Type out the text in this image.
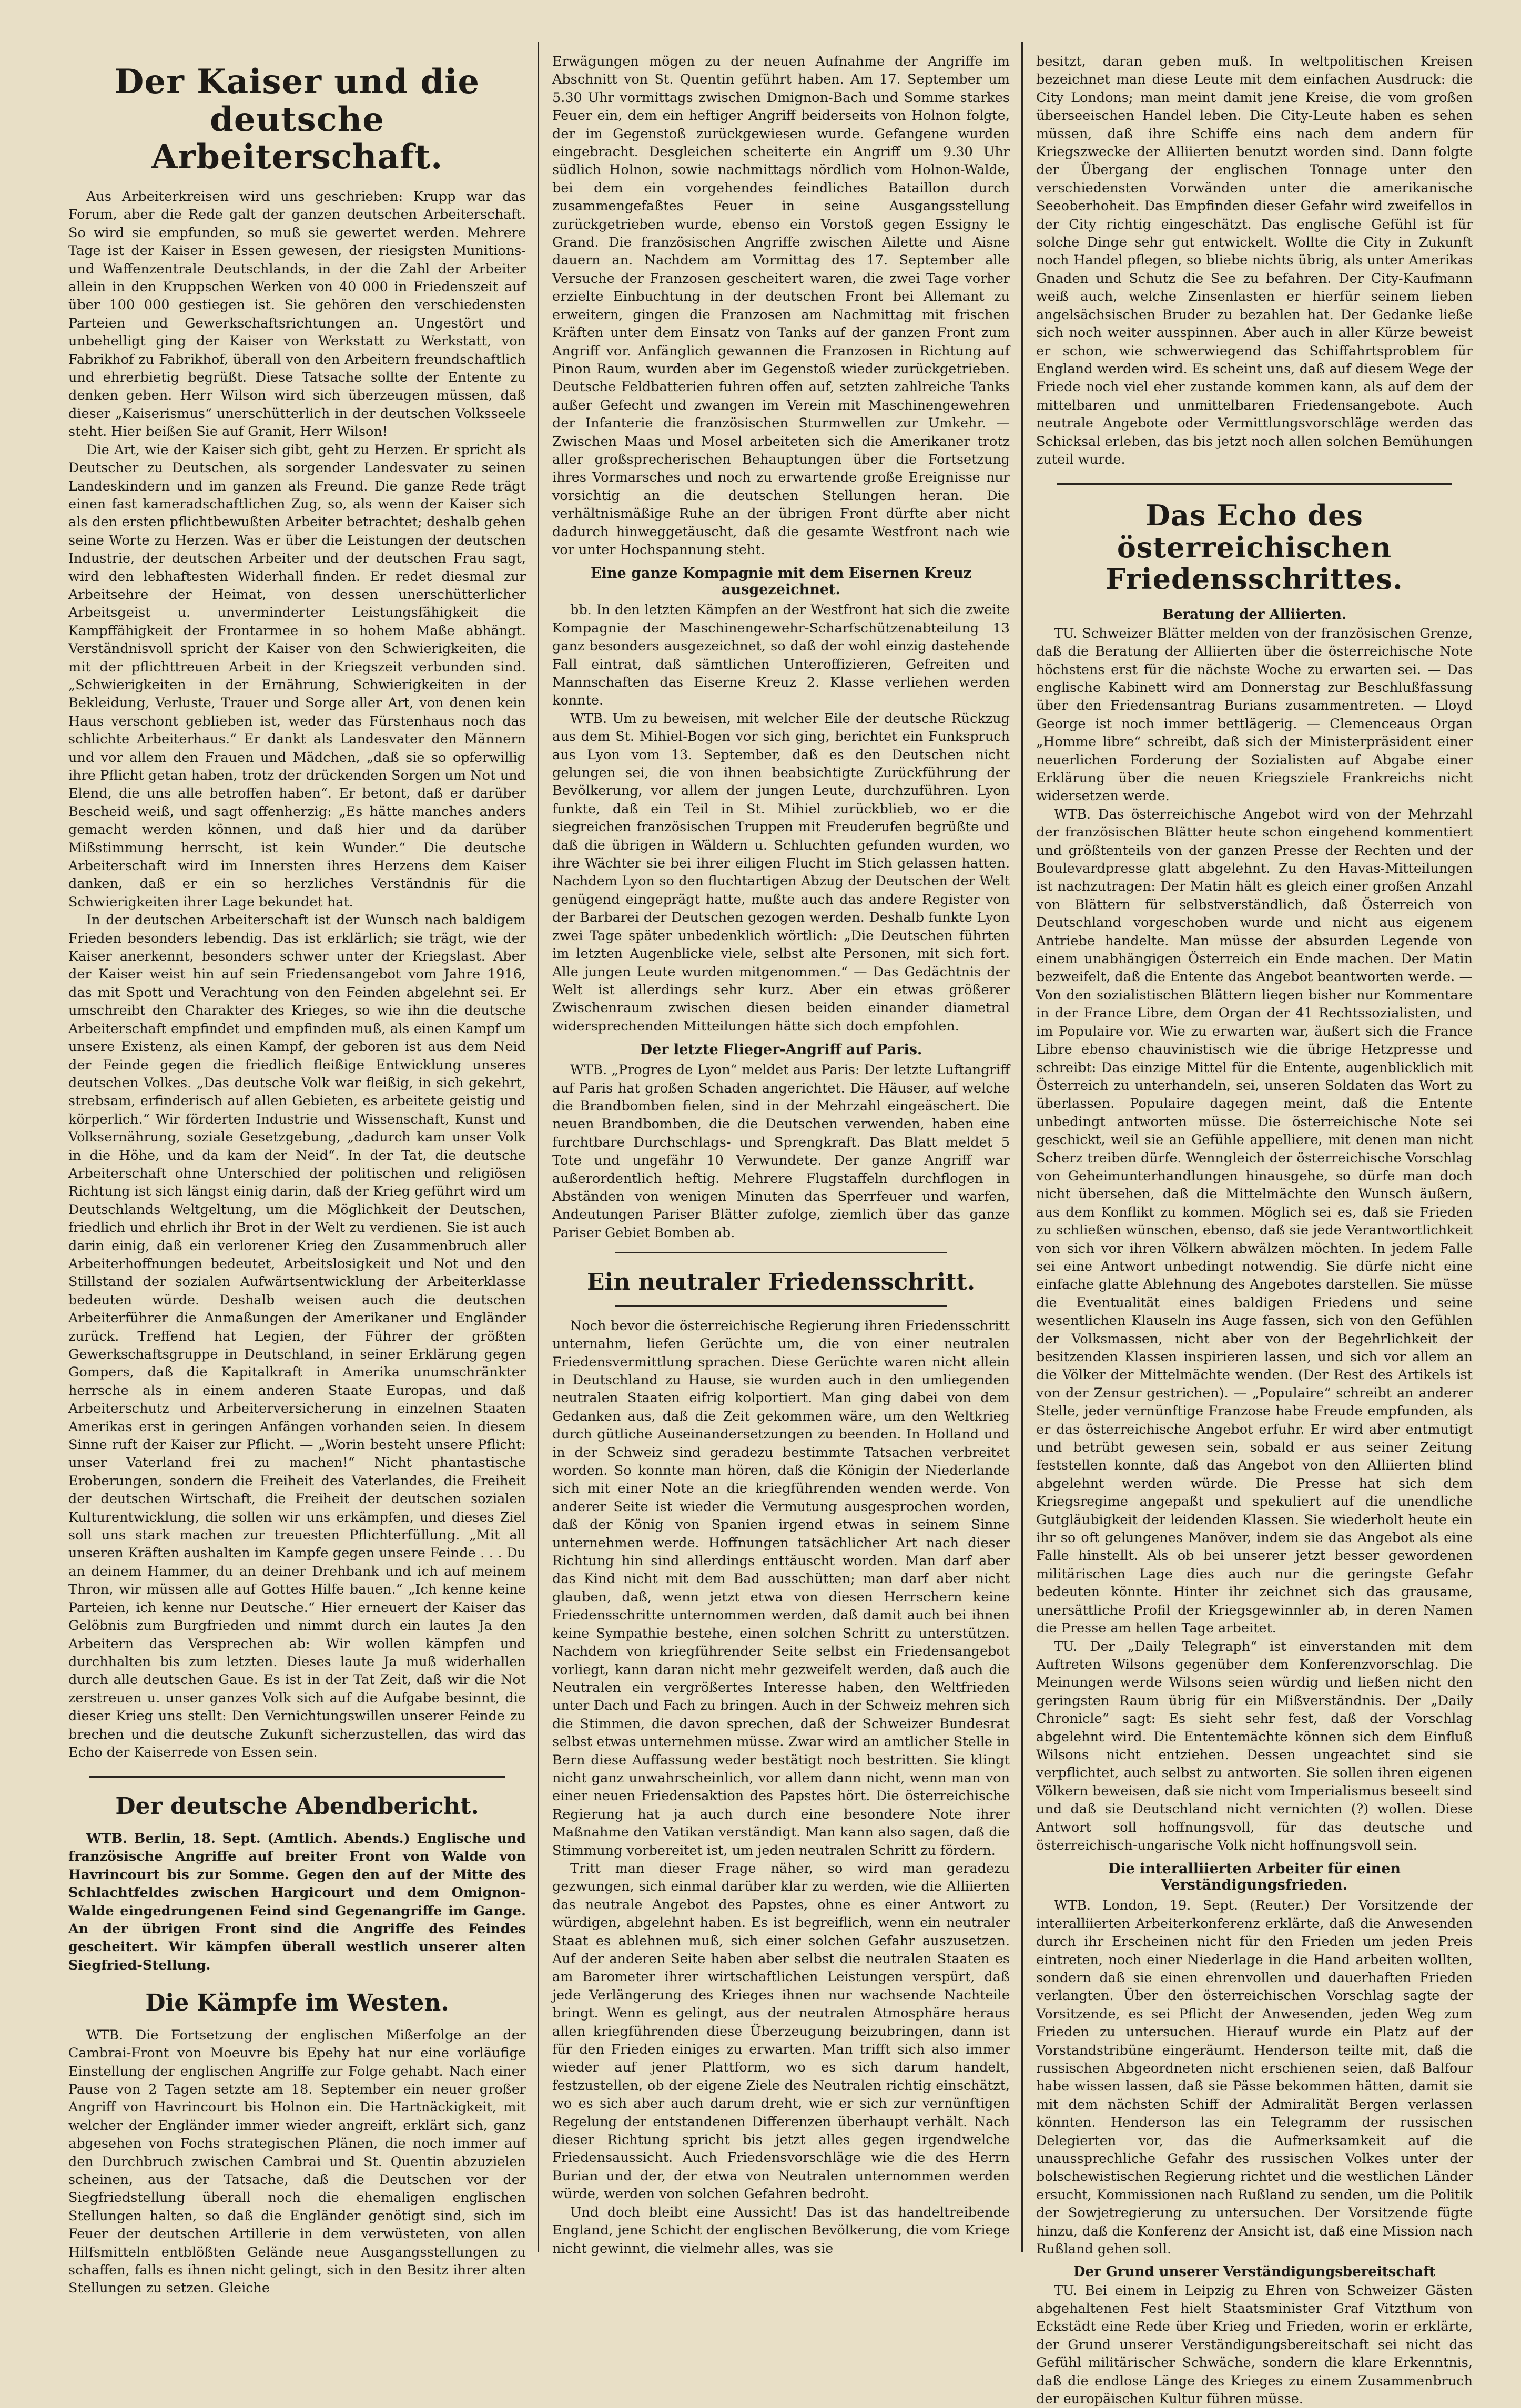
Der Kaiser und die deutsche Arbeiterschaft.

Aus Arbeiterkreisen wird uns geschrieben: Krupp war das Forum, aber die Rede galt der ganzen deutschen Arbeiterschaft. So wird sie empfunden, so muß sie gewertet werden. Mehrere Tage ist der Kaiser in Essen gewesen, der riesigsten Munitions- und Waffenzentrale Deutschlands, in der die Zahl der Arbeiter allein in den Kruppschen Werken von 40 000 in Friedenszeit auf über 100 000 gestiegen ist. Sie gehören den verschiedensten Parteien und Gewerkschaftsrichtungen an. Ungestört und unbehelligt ging der Kaiser von Werkstatt zu Werkstatt, von Fabrikhof zu Fabrikhof, überall von den Arbeitern freundschaftlich und ehrerbietig begrüßt. Diese Tatsache sollte der Entente zu denken geben. Herr Wilson wird sich überzeugen müssen, daß dieser „Kaiserismus“ unerschütterlich in der deutschen Volksseele steht. Hier beißen Sie auf Granit, Herr Wilson!

Die Art, wie der Kaiser sich gibt, geht zu Herzen. Er spricht als Deutscher zu Deutschen, als sorgender Landesvater zu seinen Landeskindern und im ganzen als Freund. Die ganze Rede trägt einen fast kameradschaftlichen Zug, so, als wenn der Kaiser sich als den ersten pflichtbewußten Arbeiter betrachtet; deshalb gehen seine Worte zu Herzen. Was er über die Leistungen der deutschen Industrie, der deutschen Arbeiter und der deutschen Frau sagt, wird den lebhaftesten Widerhall finden. Er redet diesmal zur Arbeitsehre der Heimat, von dessen unerschütterlicher Arbeitsgeist u. unverminderter Leistungsfähigkeit die Kampffähigkeit der Frontarmee in so hohem Maße abhängt. Verständnisvoll spricht der Kaiser von den Schwierigkeiten, die mit der pflichttreuen Arbeit in der Kriegszeit verbunden sind. „Schwierigkeiten in der Ernährung, Schwierigkeiten in der Bekleidung, Verluste, Trauer und Sorge aller Art, von denen kein Haus verschont geblieben ist, weder das Fürstenhaus noch das schlichte Arbeiterhaus.“ Er dankt als Landesvater den Männern und vor allem den Frauen und Mädchen, „daß sie so opferwillig ihre Pflicht getan haben, trotz der drückenden Sorgen um Not und Elend, die uns alle betroffen haben“. Er betont, daß er darüber Bescheid weiß, und sagt offenherzig: „Es hätte manches anders gemacht werden können, und daß hier und da darüber Mißstimmung herrscht, ist kein Wunder.“ Die deutsche Arbeiterschaft wird im Innersten ihres Herzens dem Kaiser danken, daß er ein so herzliches Verständnis für die Schwierigkeiten ihrer Lage bekundet hat.

In der deutschen Arbeiterschaft ist der Wunsch nach baldigem Frieden besonders lebendig. Das ist erklärlich; sie trägt, wie der Kaiser anerkennt, besonders schwer unter der Kriegslast. Aber der Kaiser weist hin auf sein Friedensangebot vom Jahre 1916, das mit Spott und Verachtung von den Feinden abgelehnt sei. Er umschreibt den Charakter des Krieges, so wie ihn die deutsche Arbeiterschaft empfindet und empfinden muß, als einen Kampf um unsere Existenz, als einen Kampf, der geboren ist aus dem Neid der Feinde gegen die friedlich fleißige Entwicklung unseres deutschen Volkes. „Das deutsche Volk war fleißig, in sich gekehrt, strebsam, erfinderisch auf allen Gebieten, es arbeitete geistig und körperlich.“ Wir förderten Industrie und Wissenschaft, Kunst und Volksernährung, soziale Gesetzgebung, „dadurch kam unser Volk in die Höhe, und da kam der Neid“. In der Tat, die deutsche Arbeiterschaft ohne Unterschied der politischen und religiösen Richtung ist sich längst einig darin, daß der Krieg geführt wird um Deutschlands Weltgeltung, um die Möglichkeit der Deutschen, friedlich und ehrlich ihr Brot in der Welt zu verdienen. Sie ist auch darin einig, daß ein verlorener Krieg den Zusammenbruch aller Arbeiterhoffnungen bedeutet, Arbeitslosigkeit und Not und den Stillstand der sozialen Aufwärtsentwicklung der Arbeiterklasse bedeuten würde. Deshalb weisen auch die deutschen Arbeiterführer die Anmaßungen der Amerikaner und Engländer zurück. Treffend hat Legien, der Führer der größten Gewerkschaftsgruppe in Deutschland, in seiner Erklärung gegen Gompers, daß die Kapitalkraft in Amerika unumschränkter herrsche als in einem anderen Staate Europas, und daß Arbeiterschutz und Arbeiterversicherung in einzelnen Staaten Amerikas erst in geringen Anfängen vorhanden seien. In diesem Sinne ruft der Kaiser zur Pflicht. — „Worin besteht unsere Pflicht: unser Vaterland frei zu machen!“ Nicht phantastische Eroberungen, sondern die Freiheit des Vaterlandes, die Freiheit der deutschen Wirtschaft, die Freiheit der deutschen sozialen Kulturentwicklung, die sollen wir uns erkämpfen, und dieses Ziel soll uns stark machen zur treuesten Pflichterfüllung. „Mit all unseren Kräften aushalten im Kampfe gegen unsere Feinde . . . Du an deinem Hammer, du an deiner Drehbank und ich auf meinem Thron, wir müssen alle auf Gottes Hilfe bauen.“ „Ich kenne keine Parteien, ich kenne nur Deutsche.“ Hier erneuert der Kaiser das Gelöbnis zum Burgfrieden und nimmt durch ein lautes Ja den Arbeitern das Versprechen ab: Wir wollen kämpfen und durchhalten bis zum letzten. Dieses laute Ja muß widerhallen durch alle deutschen Gaue. Es ist in der Tat Zeit, daß wir die Not zerstreuen u. unser ganzes Volk sich auf die Aufgabe besinnt, die dieser Krieg uns stellt: Den Vernichtungswillen unserer Feinde zu brechen und die deutsche Zukunft sicherzustellen, das wird das Echo der Kaiserrede von Essen sein.

Der deutsche Abendbericht.

WTB. Berlin, 18. Sept. (Amtlich. Abends.) Englische und französische Angriffe auf breiter Front von Walde von Havrincourt bis zur Somme. Gegen den auf der Mitte des Schlachtfeldes zwischen Hargicourt und dem Omignon-Walde eingedrungenen Feind sind Gegenangriffe im Gange. An der übrigen Front sind die Angriffe des Feindes gescheitert. Wir kämpfen überall westlich unserer alten Siegfried-Stellung.

Die Kämpfe im Westen.

WTB. Die Fortsetzung der englischen Mißerfolge an der Cambrai-Front von Moeuvre bis Epehy hat nur eine vorläufige Einstellung der englischen Angriffe zur Folge gehabt. Nach einer Pause von 2 Tagen setzte am 18. September ein neuer großer Angriff von Havrincourt bis Holnon ein. Die Hartnäckigkeit, mit welcher der Engländer immer wieder angreift, erklärt sich, ganz abgesehen von Fochs strategischen Plänen, die noch immer auf den Durchbruch zwischen Cambrai und St. Quentin abzuzielen scheinen, aus der Tatsache, daß die Deutschen vor der Siegfriedstellung überall noch die ehemaligen englischen Stellungen halten, so daß die Engländer genötigt sind, sich im Feuer der deutschen Artillerie in dem verwüsteten, von allen Hilfsmitteln entblößten Gelände neue Ausgangsstellungen zu schaffen, falls es ihnen nicht gelingt, sich in den Besitz ihrer alten Stellungen zu setzen. Gleiche

Erwägungen mögen zu der neuen Aufnahme der Angriffe im Abschnitt von St. Quentin geführt haben. Am 17. September um 5.30 Uhr vormittags zwischen Dmignon-Bach und Somme starkes Feuer ein, dem ein heftiger Angriff beiderseits von Holnon folgte, der im Gegenstoß zurückgewiesen wurde. Gefangene wurden eingebracht. Desgleichen scheiterte ein Angriff um 9.30 Uhr südlich Holnon, sowie nachmittags nördlich vom Holnon-Walde, bei dem ein vorgehendes feindliches Bataillon durch zusammengefaßtes Feuer in seine Ausgangsstellung zurückgetrieben wurde, ebenso ein Vorstoß gegen Essigny le Grand. Die französischen Angriffe zwischen Ailette und Aisne dauern an. Nachdem am Vormittag des 17. September alle Versuche der Franzosen gescheitert waren, die zwei Tage vorher erzielte Einbuchtung in der deutschen Front bei Allemant zu erweitern, gingen die Franzosen am Nachmittag mit frischen Kräften unter dem Einsatz von Tanks auf der ganzen Front zum Angriff vor. Anfänglich gewannen die Franzosen in Richtung auf Pinon Raum, wurden aber im Gegenstoß wieder zurückgetrieben. Deutsche Feldbatterien fuhren offen auf, setzten zahlreiche Tanks außer Gefecht und zwangen im Verein mit Maschinengewehren der Infanterie die französischen Sturmwellen zur Umkehr. — Zwischen Maas und Mosel arbeiteten sich die Amerikaner trotz aller großsprecherischen Behauptungen über die Fortsetzung ihres Vormarsches und noch zu erwartende große Ereignisse nur vorsichtig an die deutschen Stellungen heran. Die verhältnismäßige Ruhe an der übrigen Front dürfte aber nicht dadurch hinweggetäuscht, daß die gesamte Westfront nach wie vor unter Hochspannung steht.

Eine ganze Kompagnie mit dem Eisernen Kreuz ausgezeichnet.

bb. In den letzten Kämpfen an der Westfront hat sich die zweite Kompagnie der Maschinengewehr-Scharfschützenabteilung 13 ganz besonders ausgezeichnet, so daß der wohl einzig dastehende Fall eintrat, daß sämtlichen Unteroffizieren, Gefreiten und Mannschaften das Eiserne Kreuz 2. Klasse verliehen werden konnte.

WTB. Um zu beweisen, mit welcher Eile der deutsche Rückzug aus dem St. Mihiel-Bogen vor sich ging, berichtet ein Funkspruch aus Lyon vom 13. September, daß es den Deutschen nicht gelungen sei, die von ihnen beabsichtigte Zurückführung der Bevölkerung, vor allem der jungen Leute, durchzuführen. Lyon funkte, daß ein Teil in St. Mihiel zurückblieb, wo er die siegreichen französischen Truppen mit Freuderufen begrüßte und daß die übrigen in Wäldern u. Schluchten gefunden wurden, wo ihre Wächter sie bei ihrer eiligen Flucht im Stich gelassen hatten. Nachdem Lyon so den fluchtartigen Abzug der Deutschen der Welt genügend eingeprägt hatte, mußte auch das andere Register von der Barbarei der Deutschen gezogen werden. Deshalb funkte Lyon zwei Tage später unbedenklich wörtlich: „Die Deutschen führten im letzten Augenblicke viele, selbst alte Personen, mit sich fort. Alle jungen Leute wurden mitgenommen.“ — Das Gedächtnis der Welt ist allerdings sehr kurz. Aber ein etwas größerer Zwischenraum zwischen diesen beiden einander diametral widersprechenden Mitteilungen hätte sich doch empfohlen.

Der letzte Flieger-Angriff auf Paris.

WTB. „Progres de Lyon“ meldet aus Paris: Der letzte Luftangriff auf Paris hat großen Schaden angerichtet. Die Häuser, auf welche die Brandbomben fielen, sind in der Mehrzahl eingeäschert. Die neuen Brandbomben, die die Deutschen verwenden, haben eine furchtbare Durchschlags- und Sprengkraft. Das Blatt meldet 5 Tote und ungefähr 10 Verwundete. Der ganze Angriff war außerordentlich heftig. Mehrere Flugstaffeln durchflogen in Abständen von wenigen Minuten das Sperrfeuer und warfen, Andeutungen Pariser Blätter zufolge, ziemlich über das ganze Pariser Gebiet Bomben ab.

Ein neutraler Friedensschritt.

Noch bevor die österreichische Regierung ihren Friedensschritt unternahm, liefen Gerüchte um, die von einer neutralen Friedensvermittlung sprachen. Diese Gerüchte waren nicht allein in Deutschland zu Hause, sie wurden auch in den umliegenden neutralen Staaten eifrig kolportiert. Man ging dabei von dem Gedanken aus, daß die Zeit gekommen wäre, um den Weltkrieg durch gütliche Auseinandersetzungen zu beenden. In Holland und in der Schweiz sind geradezu bestimmte Tatsachen verbreitet worden. So konnte man hören, daß die Königin der Niederlande sich mit einer Note an die kriegführenden wenden werde. Von anderer Seite ist wieder die Vermutung ausgesprochen worden, daß der König von Spanien irgend etwas in seinem Sinne unternehmen werde. Hoffnungen tatsächlicher Art nach dieser Richtung hin sind allerdings enttäuscht worden. Man darf aber das Kind nicht mit dem Bad ausschütten; man darf aber nicht glauben, daß, wenn jetzt etwa von diesen Herrschern keine Friedensschritte unternommen werden, daß damit auch bei ihnen keine Sympathie bestehe, einen solchen Schritt zu unterstützen. Nachdem von kriegführender Seite selbst ein Friedensangebot vorliegt, kann daran nicht mehr gezweifelt werden, daß auch die Neutralen ein vergrößertes Interesse haben, den Weltfrieden unter Dach und Fach zu bringen. Auch in der Schweiz mehren sich die Stimmen, die davon sprechen, daß der Schweizer Bundesrat selbst etwas unternehmen müsse. Zwar wird an amtlicher Stelle in Bern diese Auffassung weder bestätigt noch bestritten. Sie klingt nicht ganz unwahrscheinlich, vor allem dann nicht, wenn man von einer neuen Friedensaktion des Papstes hört. Die österreichische Regierung hat ja auch durch eine besondere Note ihrer Maßnahme den Vatikan verständigt. Man kann also sagen, daß die Stimmung vorbereitet ist, um jeden neutralen Schritt zu fördern.

Tritt man dieser Frage näher, so wird man geradezu gezwungen, sich einmal darüber klar zu werden, wie die Alliierten das neutrale Angebot des Papstes, ohne es einer Antwort zu würdigen, abgelehnt haben. Es ist begreiflich, wenn ein neutraler Staat es ablehnen muß, sich einer solchen Gefahr auszusetzen. Auf der anderen Seite haben aber selbst die neutralen Staaten es am Barometer ihrer wirtschaftlichen Leistungen verspürt, daß jede Verlängerung des Krieges ihnen nur wachsende Nachteile bringt. Wenn es gelingt, aus der neutralen Atmosphäre heraus allen kriegführenden diese Überzeugung beizubringen, dann ist für den Frieden einiges zu erwarten. Man trifft sich also immer wieder auf jener Plattform, wo es sich darum handelt, festzustellen, ob der eigene Ziele des Neutralen richtig einschätzt, wo es sich aber auch darum dreht, wie er sich zur vernünftigen Regelung der entstandenen Differenzen überhaupt verhält. Nach dieser Richtung spricht bis jetzt alles gegen irgendwelche Friedensaussicht. Auch Friedensvorschläge wie die des Herrn Burian und der, der etwa von Neutralen unternommen werden würde, werden von solchen Gefahren bedroht.

Und doch bleibt eine Aussicht! Das ist das handeltreibende England, jene Schicht der englischen Bevölkerung, die vom Kriege nicht gewinnt, die vielmehr alles, was sie

besitzt, daran geben muß. In weltpolitischen Kreisen bezeichnet man diese Leute mit dem einfachen Ausdruck: die City Londons; man meint damit jene Kreise, die vom großen überseeischen Handel leben. Die City-Leute haben es sehen müssen, daß ihre Schiffe eins nach dem andern für Kriegszwecke der Alliierten benutzt worden sind. Dann folgte der Übergang der englischen Tonnage unter den verschiedensten Vorwänden unter die amerikanische Seeoberhoheit. Das Empfinden dieser Gefahr wird zweifellos in der City richtig eingeschätzt. Das englische Gefühl ist für solche Dinge sehr gut entwickelt. Wollte die City in Zukunft noch Handel pflegen, so bliebe nichts übrig, als unter Amerikas Gnaden und Schutz die See zu befahren. Der City-Kaufmann weiß auch, welche Zinsenlasten er hierfür seinem lieben angelsächsischen Bruder zu bezahlen hat. Der Gedanke ließe sich noch weiter ausspinnen. Aber auch in aller Kürze beweist er schon, wie schwerwiegend das Schiffahrtsproblem für England werden wird. Es scheint uns, daß auf diesem Wege der Friede noch viel eher zustande kommen kann, als auf dem der mittelbaren und unmittelbaren Friedensangebote. Auch neutrale Angebote oder Vermittlungsvorschläge werden das Schicksal erleben, das bis jetzt noch allen solchen Bemühungen zuteil wurde.

Das Echo des österreichischen Friedensschrittes.
Beratung der Alliierten.

TU. Schweizer Blätter melden von der französischen Grenze, daß die Beratung der Alliierten über die österreichische Note höchstens erst für die nächste Woche zu erwarten sei. — Das englische Kabinett wird am Donnerstag zur Beschlußfassung über den Friedensantrag Burians zusammentreten. — Lloyd George ist noch immer bettlägerig. — Clemenceaus Organ „Homme libre“ schreibt, daß sich der Ministerpräsident einer neuerlichen Forderung der Sozialisten auf Abgabe einer Erklärung über die neuen Kriegsziele Frankreichs nicht widersetzen werde.

WTB. Das österreichische Angebot wird von der Mehrzahl der französischen Blätter heute schon eingehend kommentiert und größtenteils von der ganzen Presse der Rechten und der Boulevardpresse glatt abgelehnt. Zu den Havas-Mitteilungen ist nachzutragen: Der Matin hält es gleich einer großen Anzahl von Blättern für selbstverständlich, daß Österreich von Deutschland vorgeschoben wurde und nicht aus eigenem Antriebe handelte. Man müsse der absurden Legende von einem unabhängigen Österreich ein Ende machen. Der Matin bezweifelt, daß die Entente das Angebot beantworten werde. — Von den sozialistischen Blättern liegen bisher nur Kommentare in der France Libre, dem Organ der 41 Rechtssozialisten, und im Populaire vor. Wie zu erwarten war, äußert sich die France Libre ebenso chauvinistisch wie die übrige Hetzpresse und schreibt: Das einzige Mittel für die Entente, augenblicklich mit Österreich zu unterhandeln, sei, unseren Soldaten das Wort zu überlassen. Populaire dagegen meint, daß die Entente unbedingt antworten müsse. Die österreichische Note sei geschickt, weil sie an Gefühle appelliere, mit denen man nicht Scherz treiben dürfe. Wenngleich der österreichische Vorschlag von Geheimunterhandlungen hinausgehe, so dürfe man doch nicht übersehen, daß die Mittelmächte den Wunsch äußern, aus dem Konflikt zu kommen. Möglich sei es, daß sie Frieden zu schließen wünschen, ebenso, daß sie jede Verantwortlichkeit von sich vor ihren Völkern abwälzen möchten. In jedem Falle sei eine Antwort unbedingt notwendig. Sie dürfe nicht eine einfache glatte Ablehnung des Angebotes darstellen. Sie müsse die Eventualität eines baldigen Friedens und seine wesentlichen Klauseln ins Auge fassen, sich von den Gefühlen der Volksmassen, nicht aber von der Begehrlichkeit der besitzenden Klassen inspirieren lassen, und sich vor allem an die Völker der Mittelmächte wenden. (Der Rest des Artikels ist von der Zensur gestrichen). — „Populaire“ schreibt an anderer Stelle, jeder vernünftige Franzose habe Freude empfunden, als er das österreichische Angebot erfuhr. Er wird aber entmutigt und betrübt gewesen sein, sobald er aus seiner Zeitung feststellen konnte, daß das Angebot von den Alliierten blind abgelehnt werden würde. Die Presse hat sich dem Kriegsregime angepaßt und spekuliert auf die unendliche Gutgläubigkeit der leidenden Klassen. Sie wiederholt heute ein ihr so oft gelungenes Manöver, indem sie das Angebot als eine Falle hinstellt. Als ob bei unserer jetzt besser gewordenen militärischen Lage dies auch nur die geringste Gefahr bedeuten könnte. Hinter ihr zeichnet sich das grausame, unersättliche Profil der Kriegsgewinnler ab, in deren Namen die Presse am hellen Tage arbeitet.

TU. Der „Daily Telegraph“ ist einverstanden mit dem Auftreten Wilsons gegenüber dem Konferenzvorschlag. Die Meinungen werde Wilsons seien würdig und ließen nicht den geringsten Raum übrig für ein Mißverständnis. Der „Daily Chronicle“ sagt: Es sieht sehr fest, daß der Vorschlag abgelehnt wird. Die Ententemächte können sich dem Einfluß Wilsons nicht entziehen. Dessen ungeachtet sind sie verpflichtet, auch selbst zu antworten. Sie sollen ihren eigenen Völkern beweisen, daß sie nicht vom Imperialismus beseelt sind und daß sie Deutschland nicht vernichten (?) wollen. Diese Antwort soll hoffnungsvoll, für das deutsche und österreichisch-ungarische Volk nicht hoffnungsvoll sein.

Die interalliierten Arbeiter für einen Verständigungsfrieden.

WTB. London, 19. Sept. (Reuter.) Der Vorsitzende der interalliierten Arbeiterkonferenz erklärte, daß die Anwesenden durch ihr Erscheinen nicht für den Frieden um jeden Preis eintreten, noch einer Niederlage in die Hand arbeiten wollten, sondern daß sie einen ehrenvollen und dauerhaften Frieden verlangten. Über den österreichischen Vorschlag sagte der Vorsitzende, es sei Pflicht der Anwesenden, jeden Weg zum Frieden zu untersuchen. Hierauf wurde ein Platz auf der Vorstandstribüne eingeräumt. Henderson teilte mit, daß die russischen Abgeordneten nicht erschienen seien, daß Balfour habe wissen lassen, daß sie Pässe bekommen hätten, damit sie mit dem nächsten Schiff der Admiralität Bergen verlassen könnten. Henderson las ein Telegramm der russischen Delegierten vor, das die Aufmerksamkeit auf die unaussprechliche Gefahr des russischen Volkes unter der bolschewistischen Regierung richtet und die westlichen Länder ersucht, Kommissionen nach Rußland zu senden, um die Politik der Sowjetregierung zu untersuchen. Der Vorsitzende fügte hinzu, daß die Konferenz der Ansicht ist, daß eine Mission nach Rußland gehen soll.

Der Grund unserer Verständigungsbereitschaft

TU. Bei einem in Leipzig zu Ehren von Schweizer Gästen abgehaltenen Fest hielt Staatsminister Graf Vitzthum von Eckstädt eine Rede über Krieg und Frieden, worin er erklärte, der Grund unserer Verständigungsbereitschaft sei nicht das Gefühl militärischer Schwäche, sondern die klare Erkenntnis, daß die endlose Länge des Krieges zu einem Zusammenbruch der europäischen Kultur führen müsse.
